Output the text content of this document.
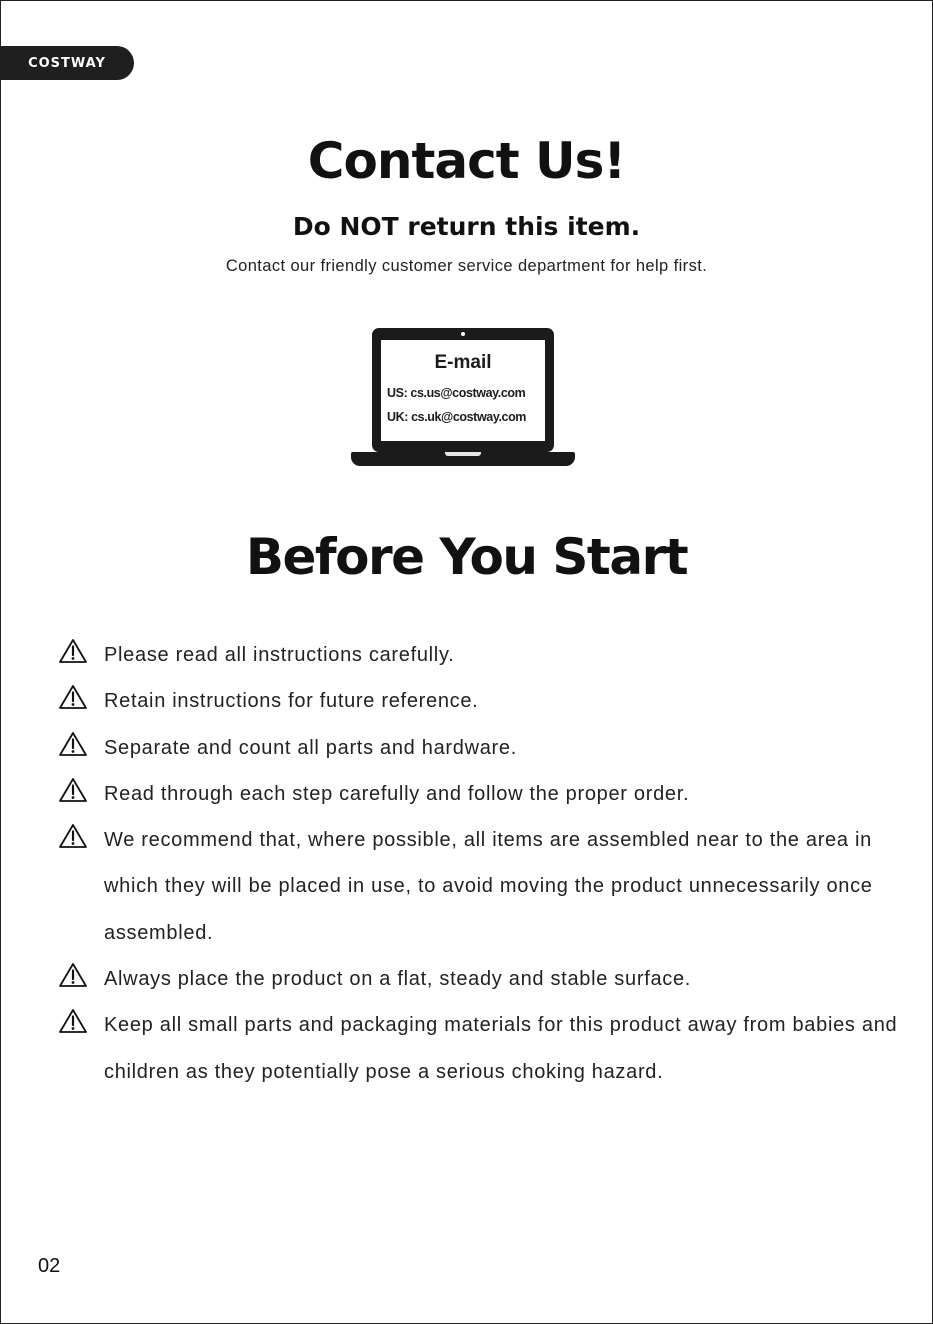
COSTWAY
Contact Us!
Do NOT return this item.
Contact our friendly customer service department for help first.
E-mail
US: cs.us@costway.com
UK: cs.uk@costway.com
Before You Start
Please read all instructions carefully.
Retain instructions for future reference.
Separate and count all parts and hardware.
Read through each step carefully and follow the proper order.
We recommend that, where possible, all items are assembled near to the area in which they will be placed in use, to avoid moving the product unnecessarily once assembled.
Always place the product on a flat, steady and stable surface.
Keep all small parts and packaging materials for this product away from babies and children as they potentially pose a serious choking hazard.
02
